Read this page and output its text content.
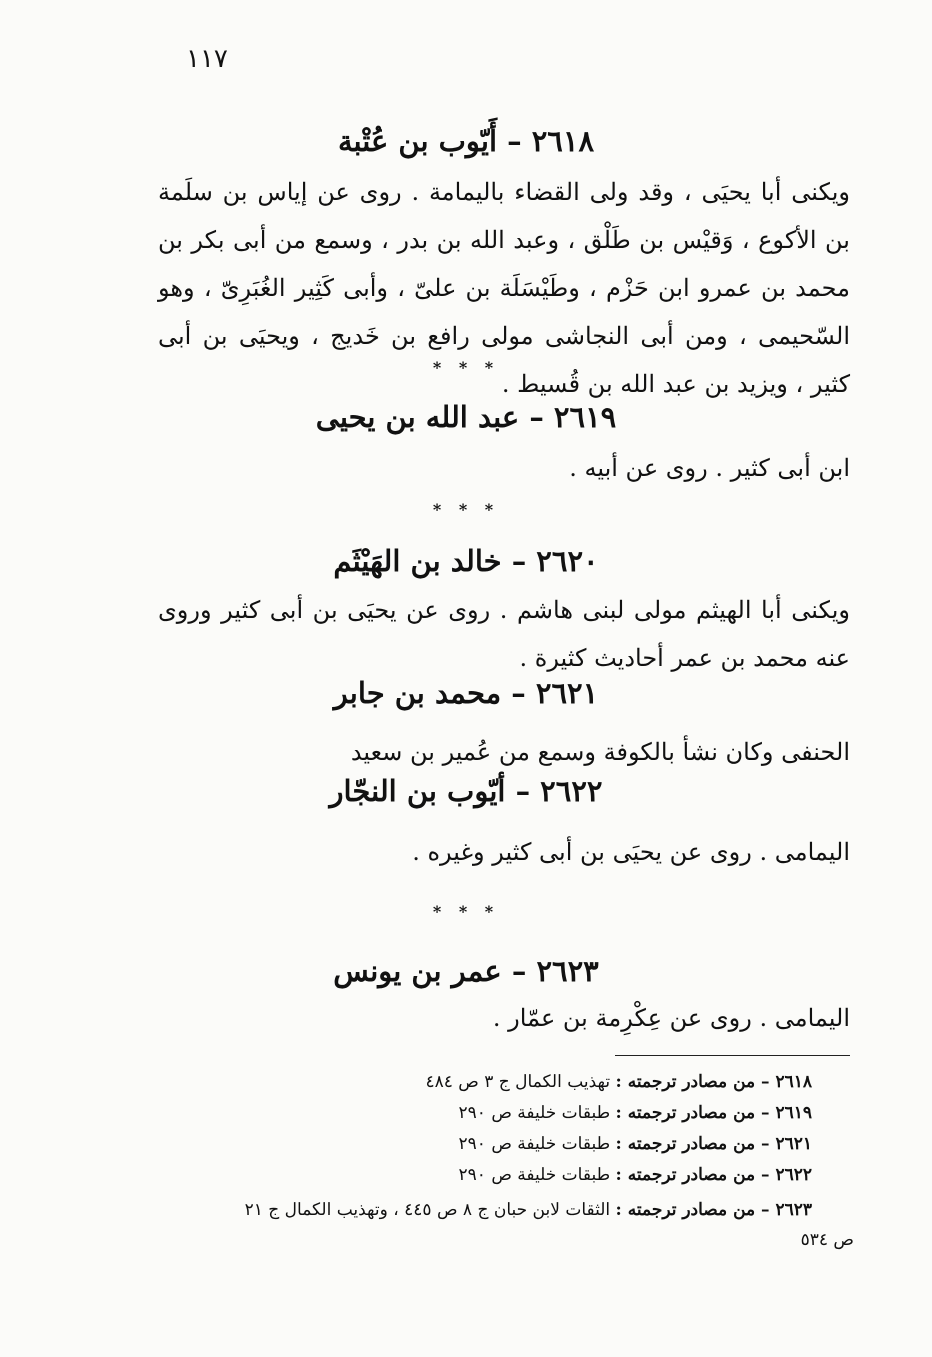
١١٧
٢٦١٨ – أَيّوب بن عُتْبة
ويكنى أبا يحيَى ، وقد ولى القضاء باليمامة . روى عن إياس بن سلَمة بن الأكوع ، وَقيْس بن طَلْق ، وعبد الله بن بدر ، وسمع من أبى بكر بن محمد بن عمرو ابن حَزْم ، وطَيْسَلَة بن علىّ ، وأبى كَثِير الغُبَرِىّ ، وهو السّحيمى ، ومن أبى النجاشى مولى رافع بن خَديج ، ويحيَى بن أبى كثير ، ويزيد بن عبد الله بن قُسيط .
* * *
٢٦١٩ – عبد الله بن يحيى
ابن أبى كثير . روى عن أبيه .
* * *
٢٦٢٠ – خالد بن الهَيْثَم
ويكنى أبا الهيثم مولى لبنى هاشم . روى عن يحيَى بن أبى كثير وروى عنه محمد بن عمر أحاديث كثيرة .
٢٦٢١ – محمد بن جابر
الحنفى وكان نشأ بالكوفة وسمع من عُمير بن سعيد
٢٦٢٢ – أيّوب بن النجّار
اليمامى . روى عن يحيَى بن أبى كثير وغيره .
* * *
٢٦٢٣ – عمر بن يونس
اليمامى . روى عن عِكْرِمة بن عمّار .
٢٦١٨ – من مصادر ترجمته : تهذيب الكمال ج ٣ ص ٤٨٤
٢٦١٩ – من مصادر ترجمته : طبقات خليفة ص ٢٩٠
٢٦٢١ – من مصادر ترجمته : طبقات خليفة ص ٢٩٠
٢٦٢٢ – من مصادر ترجمته : طبقات خليفة ص ٢٩٠
٢٦٢٣ – من مصادر ترجمته : الثقات لابن حبان ج ٨ ص ٤٤٥ ، وتهذيب الكمال ج ٢١
ص ٥٣٤
